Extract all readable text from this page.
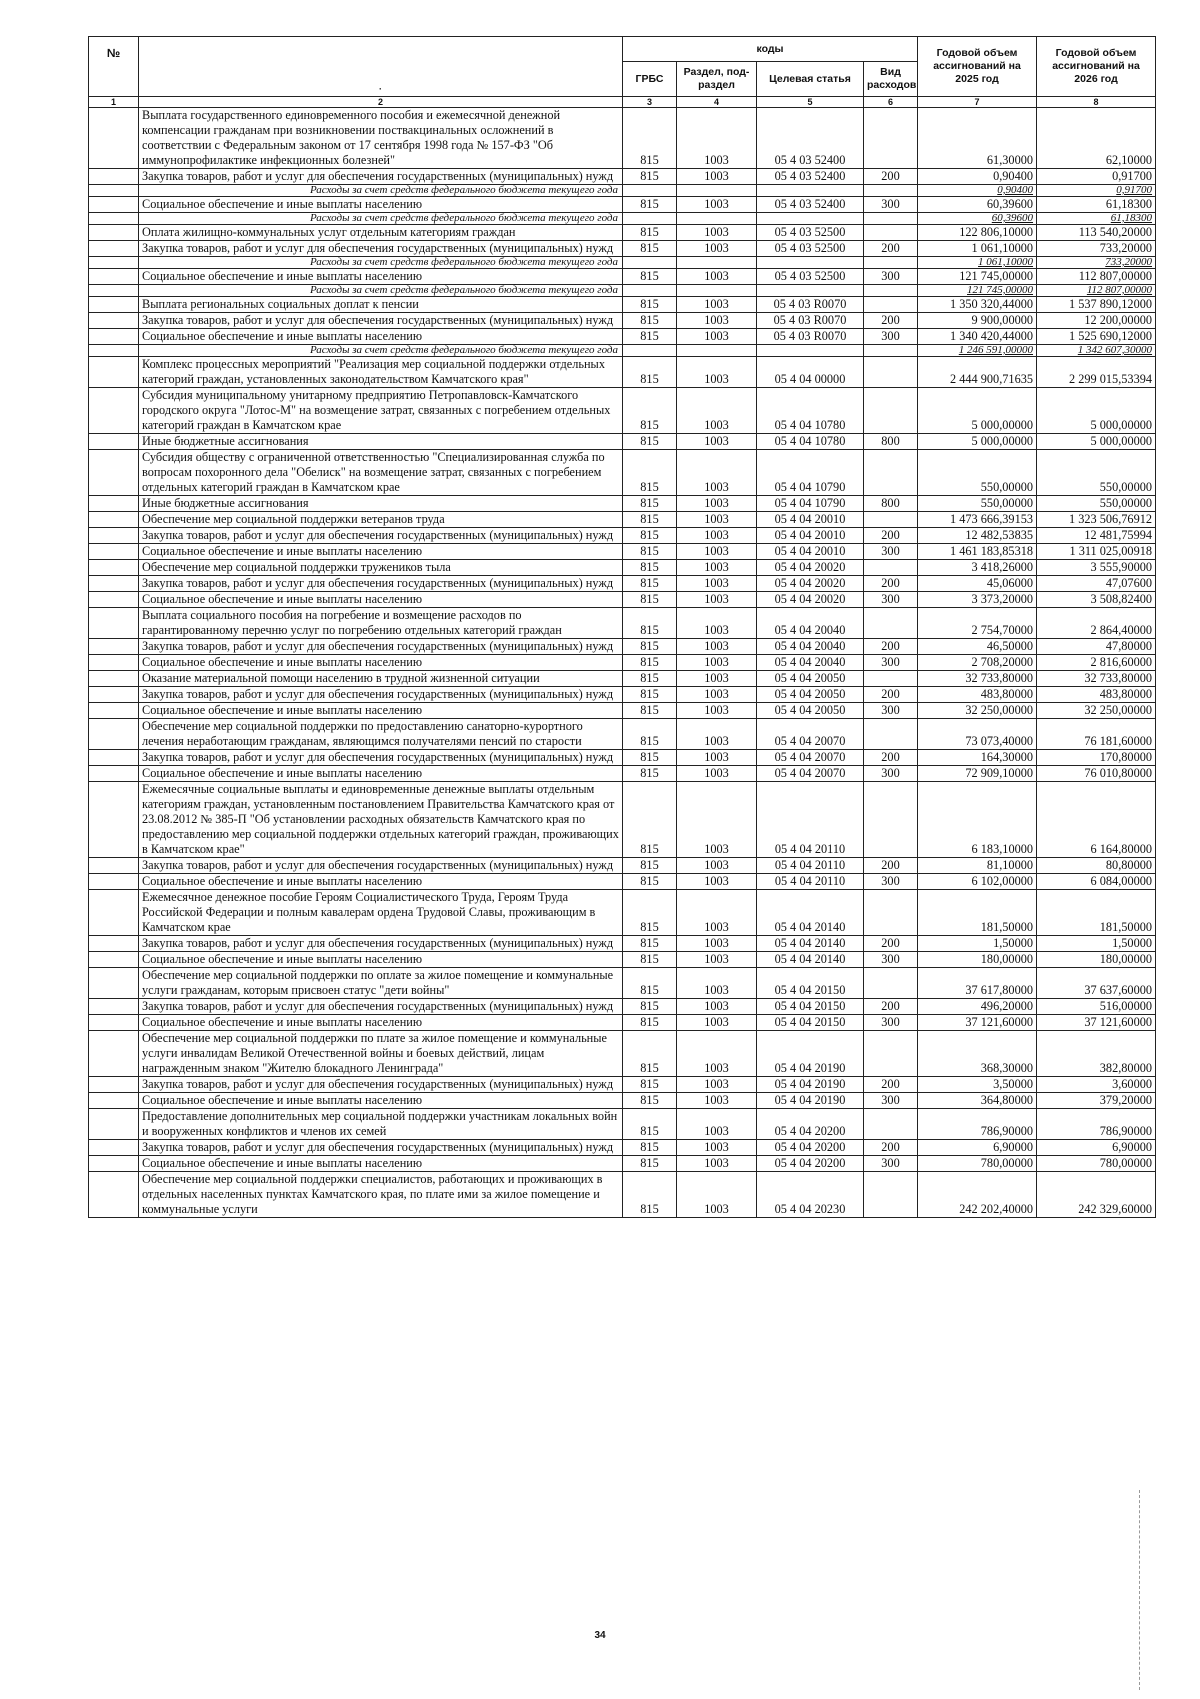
№	·	коды				Годовой объем ассигнований на 2025 год	Годовой объем ассигнований на 2026 год
		ГРБС	Раздел, под-раздел	Целевая статья	Вид расходов		
1	2	3	4	5	6	7	8
	Выплата государственного единовременного пособия и ежемесячной денежной компенсации гражданам при возникновении поствакцинальных осложнений в соответствии с Федеральным законом от 17 сентября 1998 года № 157-ФЗ "Об иммунопрофилактике инфекционных болезней"	815	1003	05 4 03 52400		61,30000	62,10000
	Закупка товаров, работ и услуг для обеспечения государственных (муниципальных) нужд	815	1003	05 4 03 52400	200	0,90400	0,91700
	Расходы за счет средств федерального бюджета текущего года					0,90400	0,91700
	Социальное обеспечение и иные выплаты населению	815	1003	05 4 03 52400	300	60,39600	61,18300
	Расходы за счет средств федерального бюджета текущего года					60,39600	61,18300
	Оплата жилищно-коммунальных услуг отдельным категориям граждан	815	1003	05 4 03 52500		122 806,10000	113 540,20000
	Закупка товаров, работ и услуг для обеспечения государственных (муниципальных) нужд	815	1003	05 4 03 52500	200	1 061,10000	733,20000
	Расходы за счет средств федерального бюджета текущего года					1 061,10000	733,20000
	Социальное обеспечение и иные выплаты населению	815	1003	05 4 03 52500	300	121 745,00000	112 807,00000
	Расходы за счет средств федерального бюджета текущего года					121 745,00000	112 807,00000
	Выплата региональных социальных доплат к пенсии	815	1003	05 4 03 R0070		1 350 320,44000	1 537 890,12000
	Закупка товаров, работ и услуг для обеспечения государственных (муниципальных) нужд	815	1003	05 4 03 R0070	200	9 900,00000	12 200,00000
	Социальное обеспечение и иные выплаты населению	815	1003	05 4 03 R0070	300	1 340 420,44000	1 525 690,12000
	Расходы за счет средств федерального бюджета текущего года					1 246 591,00000	1 342 607,30000
	Комплекс процессных мероприятий "Реализация мер социальной поддержки отдельных категорий граждан, установленных законодательством Камчатского края"	815	1003	05 4 04 00000		2 444 900,71635	2 299 015,53394
	Субсидия муниципальному унитарному предприятию Петропавловск-Камчатского городского округа "Лотос-М" на возмещение затрат, связанных с погребением отдельных категорий граждан в Камчатском крае	815	1003	05 4 04 10780		5 000,00000	5 000,00000
	Иные бюджетные ассигнования	815	1003	05 4 04 10780	800	5 000,00000	5 000,00000
	Субсидия обществу с ограниченной ответственностью "Специализированная служба по вопросам похоронного дела "Обелиск" на возмещение затрат, связанных с погребением отдельных категорий граждан в Камчатском крае	815	1003	05 4 04 10790		550,00000	550,00000
	Иные бюджетные ассигнования	815	1003	05 4 04 10790	800	550,00000	550,00000
	Обеспечение мер социальной поддержки ветеранов труда	815	1003	05 4 04 20010		1 473 666,39153	1 323 506,76912
	Закупка товаров, работ и услуг для обеспечения государственных (муниципальных) нужд	815	1003	05 4 04 20010	200	12 482,53835	12 481,75994
	Социальное обеспечение и иные выплаты населению	815	1003	05 4 04 20010	300	1 461 183,85318	1 311 025,00918
	Обеспечение мер социальной поддержки тружеников тыла	815	1003	05 4 04 20020		3 418,26000	3 555,90000
	Закупка товаров, работ и услуг для обеспечения государственных (муниципальных) нужд	815	1003	05 4 04 20020	200	45,06000	47,07600
	Социальное обеспечение и иные выплаты населению	815	1003	05 4 04 20020	300	3 373,20000	3 508,82400
	Выплата социального пособия на погребение и возмещение расходов по гарантированному перечню услуг по погребению отдельных категорий граждан	815	1003	05 4 04 20040		2 754,70000	2 864,40000
	Закупка товаров, работ и услуг для обеспечения государственных (муниципальных) нужд	815	1003	05 4 04 20040	200	46,50000	47,80000
	Социальное обеспечение и иные выплаты населению	815	1003	05 4 04 20040	300	2 708,20000	2 816,60000
	Оказание материальной помощи населению в трудной жизненной ситуации	815	1003	05 4 04 20050		32 733,80000	32 733,80000
	Закупка товаров, работ и услуг для обеспечения государственных (муниципальных) нужд	815	1003	05 4 04 20050	200	483,80000	483,80000
	Социальное обеспечение и иные выплаты населению	815	1003	05 4 04 20050	300	32 250,00000	32 250,00000
	Обеспечение мер социальной поддержки по предоставлению санаторно-курортного лечения неработающим гражданам, являющимся получателями пенсий по старости	815	1003	05 4 04 20070		73 073,40000	76 181,60000
	Закупка товаров, работ и услуг для обеспечения государственных (муниципальных) нужд	815	1003	05 4 04 20070	200	164,30000	170,80000
	Социальное обеспечение и иные выплаты населению	815	1003	05 4 04 20070	300	72 909,10000	76 010,80000
	Ежемесячные социальные выплаты и единовременные денежные выплаты отдельным категориям граждан, установленным постановлением Правительства Камчатского края от 23.08.2012 № 385-П "Об установлении расходных обязательств Камчатского края по предоставлению мер социальной поддержки отдельных категорий граждан, проживающих в Камчатском крае"	815	1003	05 4 04 20110		6 183,10000	6 164,80000
	Закупка товаров, работ и услуг для обеспечения государственных (муниципальных) нужд	815	1003	05 4 04 20110	200	81,10000	80,80000
	Социальное обеспечение и иные выплаты населению	815	1003	05 4 04 20110	300	6 102,00000	6 084,00000
	Ежемесячное денежное пособие Героям Социалистического Труда, Героям Труда Российской Федерации и полным кавалерам ордена Трудовой Славы, проживающим в Камчатском крае	815	1003	05 4 04 20140		181,50000	181,50000
	Закупка товаров, работ и услуг для обеспечения государственных (муниципальных) нужд	815	1003	05 4 04 20140	200	1,50000	1,50000
	Социальное обеспечение и иные выплаты населению	815	1003	05 4 04 20140	300	180,00000	180,00000
	Обеспечение мер социальной поддержки по оплате за жилое помещение и коммунальные услуги гражданам, которым присвоен статус "дети войны"	815	1003	05 4 04 20150		37 617,80000	37 637,60000
	Закупка товаров, работ и услуг для обеспечения государственных (муниципальных) нужд	815	1003	05 4 04 20150	200	496,20000	516,00000
	Социальное обеспечение и иные выплаты населению	815	1003	05 4 04 20150	300	37 121,60000	37 121,60000
	Обеспечение мер социальной поддержки по плате за жилое помещение и коммунальные услуги инвалидам Великой Отечественной войны и боевых действий, лицам награжденным знаком "Жителю блокадного Ленинграда"	815	1003	05 4 04 20190		368,30000	382,80000
	Закупка товаров, работ и услуг для обеспечения государственных (муниципальных) нужд	815	1003	05 4 04 20190	200	3,50000	3,60000
	Социальное обеспечение и иные выплаты населению	815	1003	05 4 04 20190	300	364,80000	379,20000
	Предоставление дополнительных мер социальной поддержки участникам локальных войн и вооруженных конфликтов и членов их семей	815	1003	05 4 04 20200		786,90000	786,90000
	Закупка товаров, работ и услуг для обеспечения государственных (муниципальных) нужд	815	1003	05 4 04 20200	200	6,90000	6,90000
	Социальное обеспечение и иные выплаты населению	815	1003	05 4 04 20200	300	780,00000	780,00000
	Обеспечение мер социальной поддержки специалистов, работающих и проживающих в отдельных населенных пунктах Камчатского края, по плате ими за жилое помещение и коммунальные услуги	815	1003	05 4 04 20230		242 202,40000	242 329,60000
34
